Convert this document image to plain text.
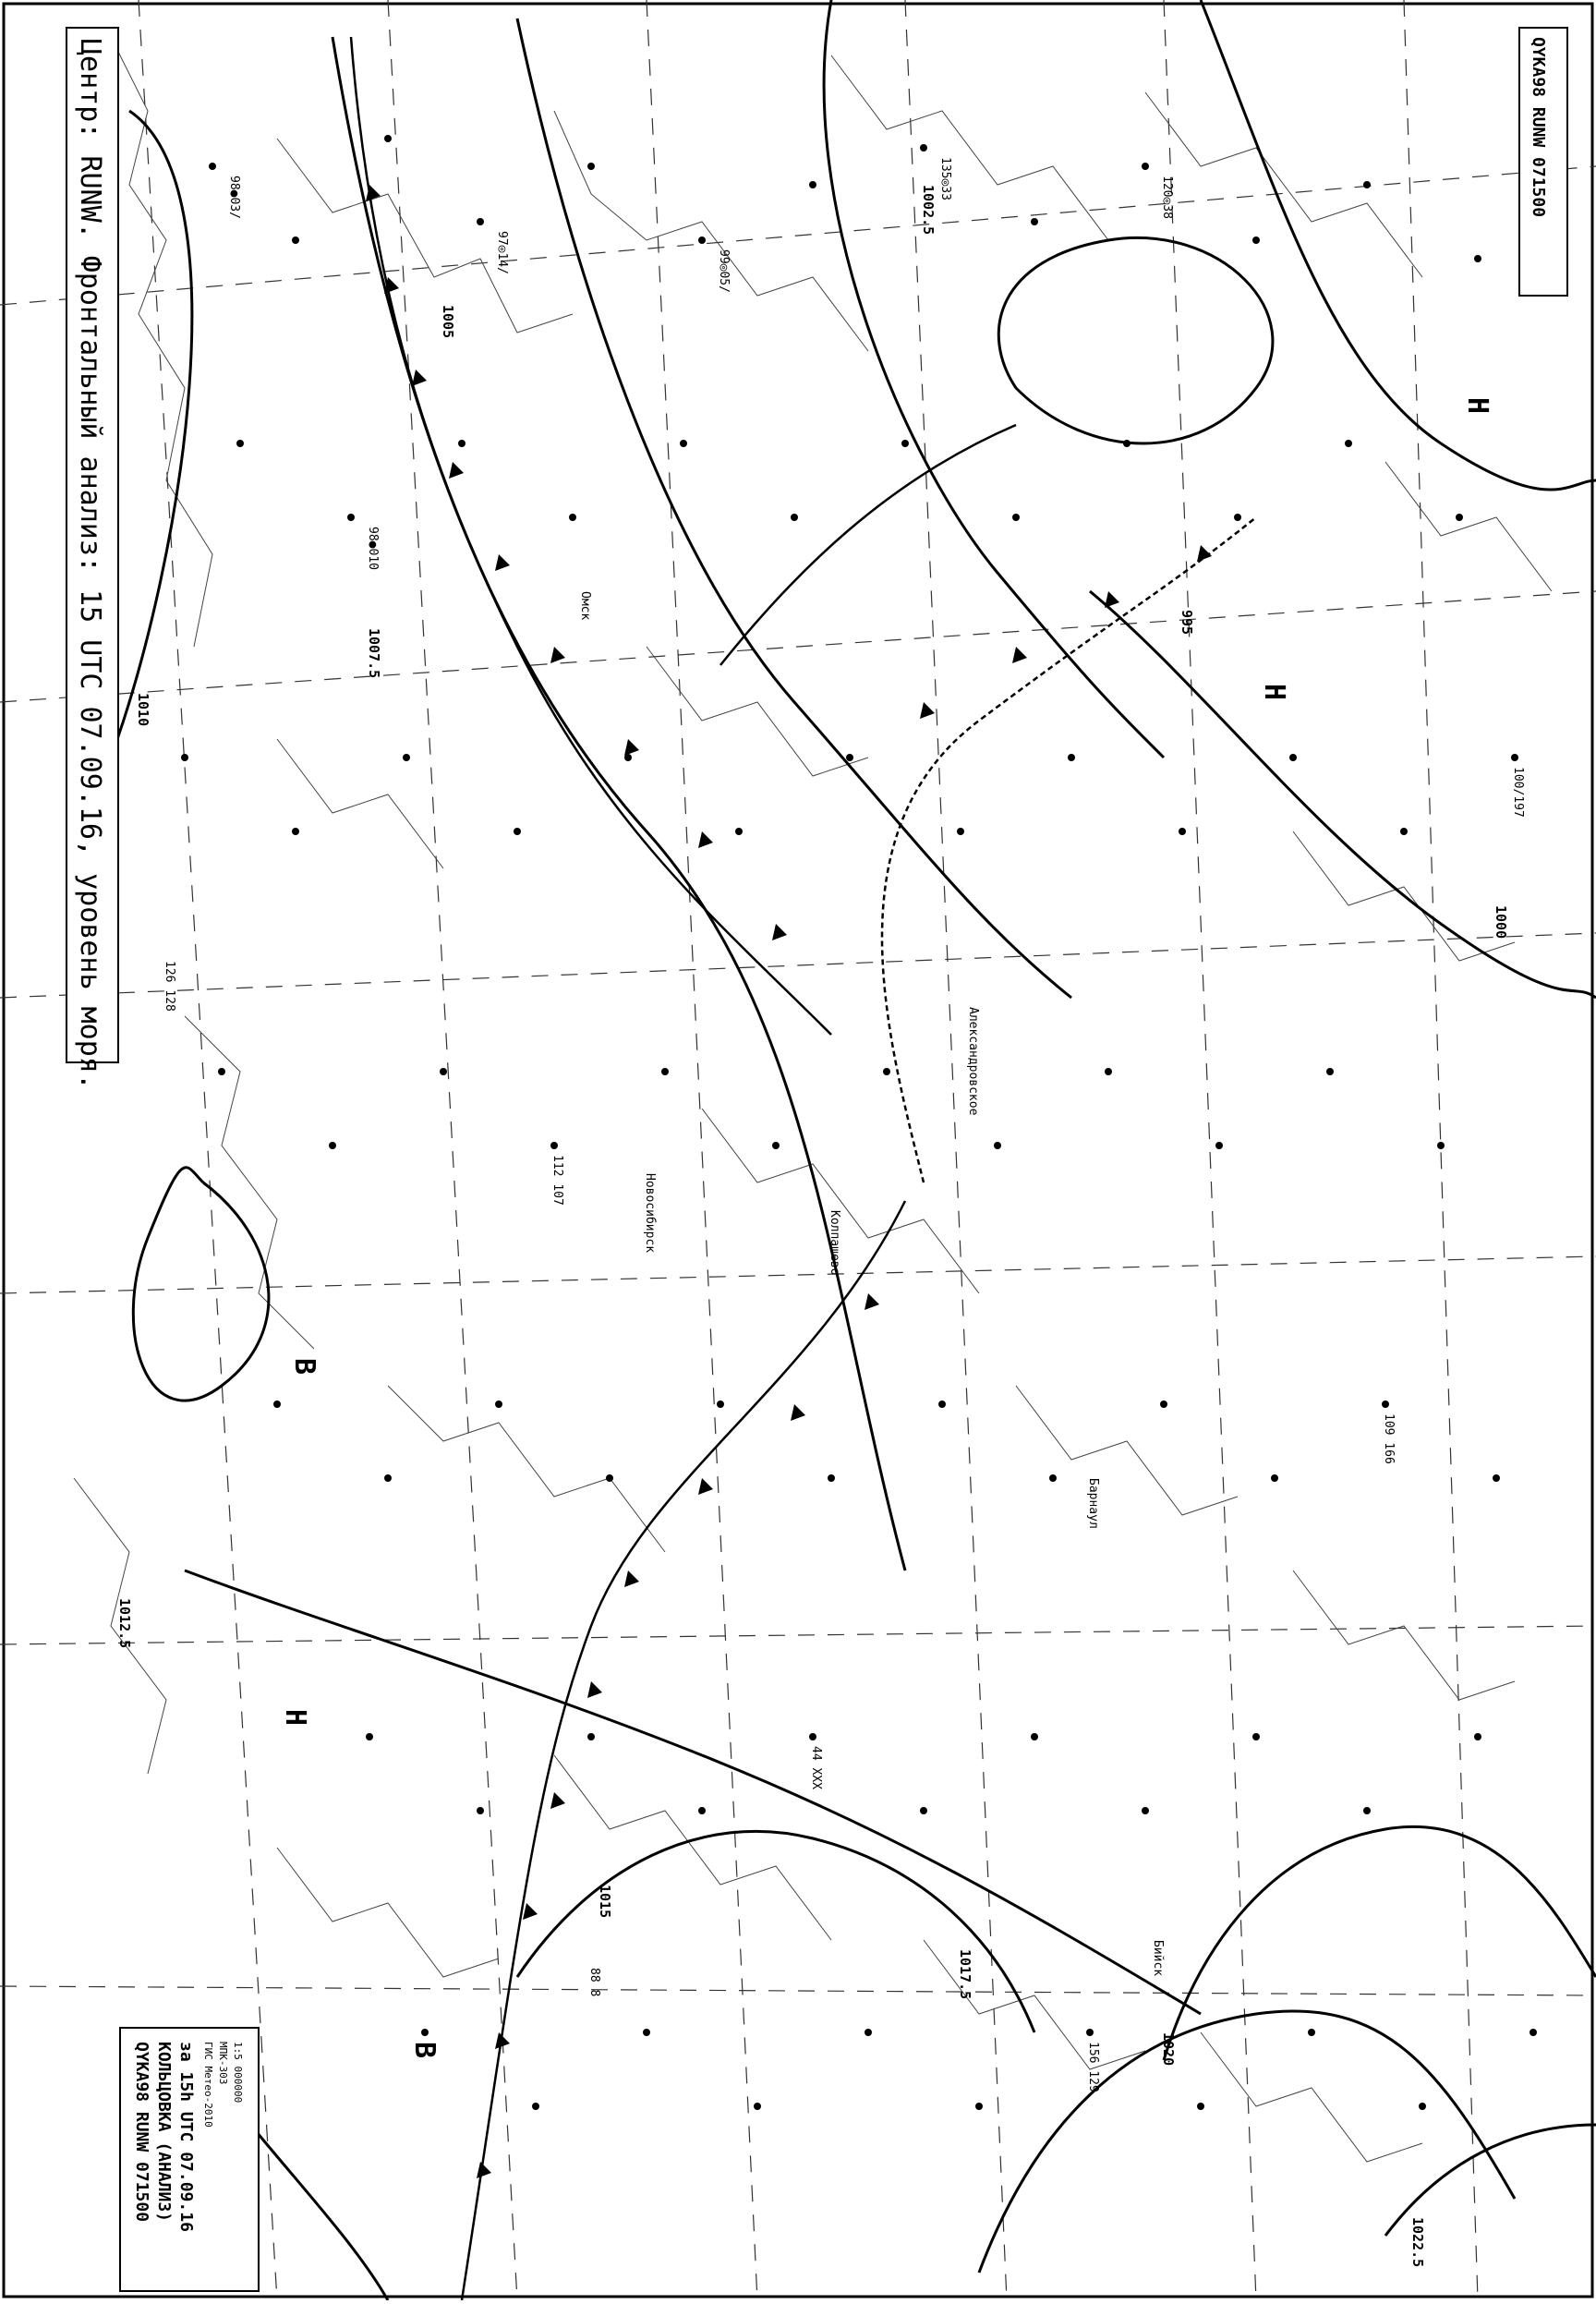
98●03/
97◎14/	99◎05/
135◎33	120◎38
98●010
100/197
112 107
109 166
44 XXX
88 8
156 129
126 128
995
1000
1002.5
1005
1007.5
1010
1012.5
1015
1017.5
1020
1022.5
H
H
H
B
B
Александровское
Новосибирск
Омск
Колпашево
Барнаул
Бийск
QYKA98 RUNW 071500
Центр: RUNW. Фронтальный анализ: 15 UTC 07.09.16, уровень моря.
QYKA98 RUNW 071500 КОЛЬЦОВКА (АНАЛИЗ) за 15h UTC 07.09.16 ГИС Метео-2010 МПК-303 1:5 000000
